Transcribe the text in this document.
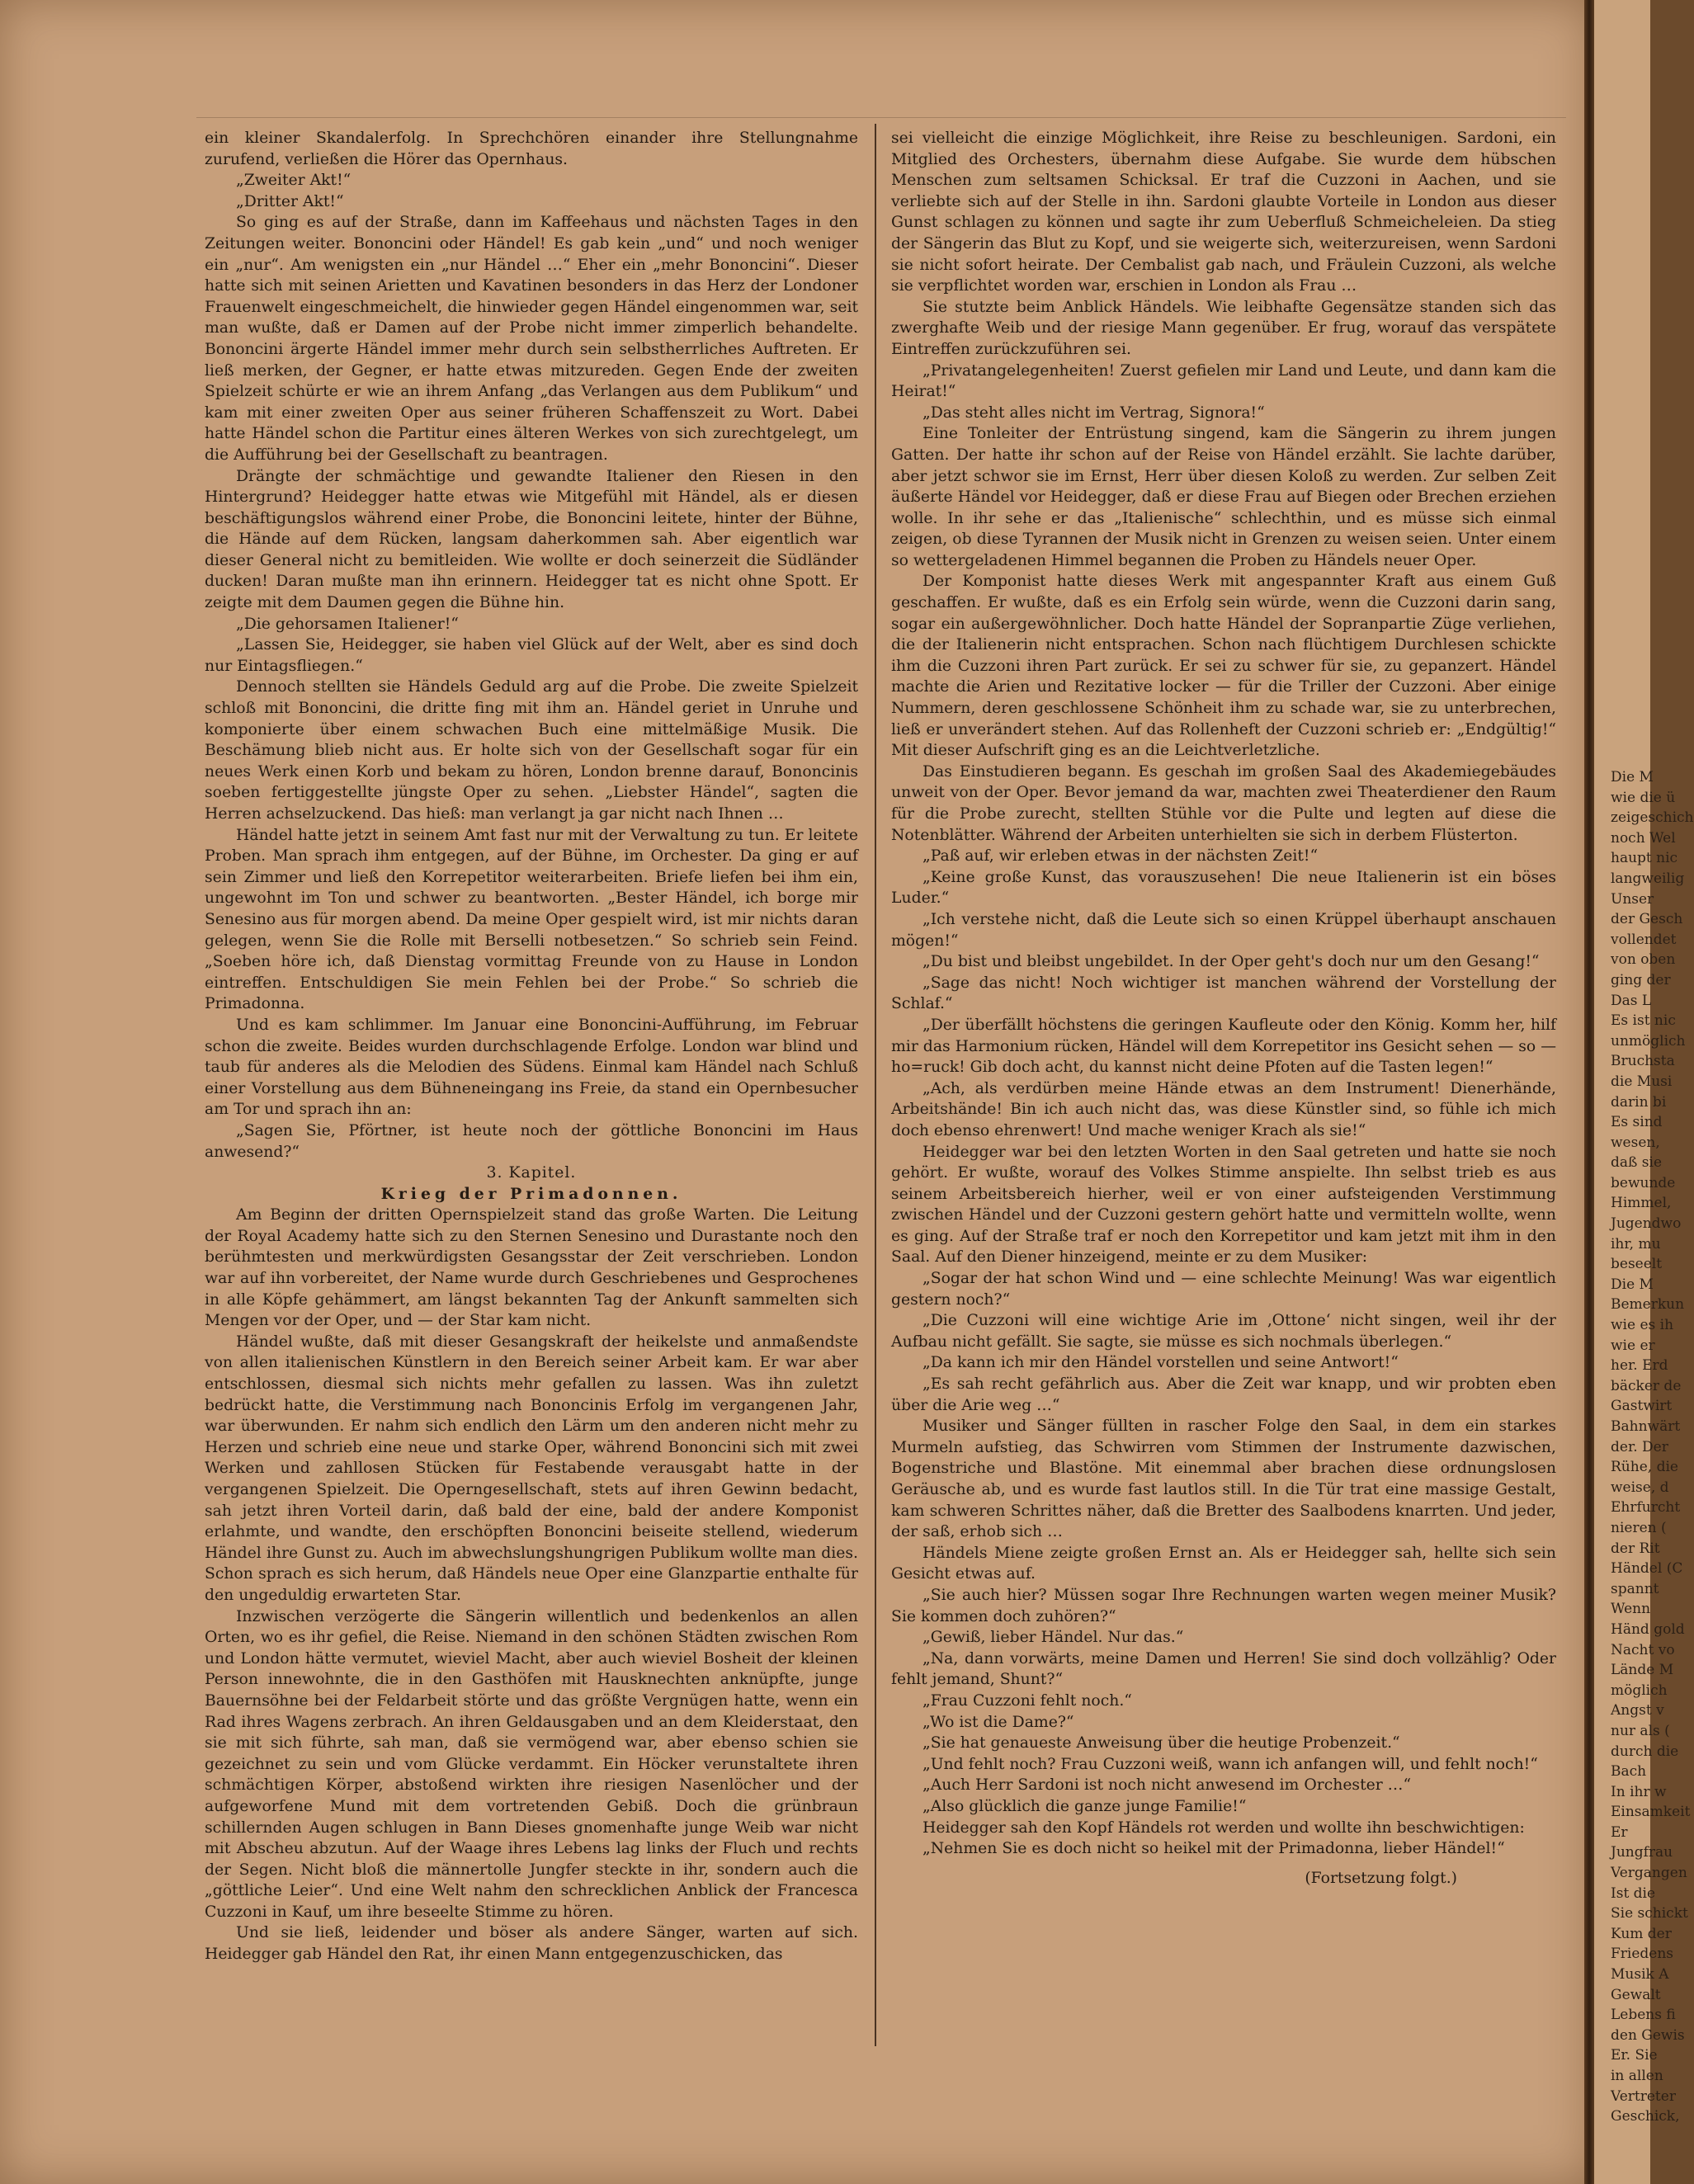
ein kleiner Skandalerfolg. In Sprechchören einander ihre Stellungnahme zurufend, verließen die Hörer das Opernhaus.

„Zweiter Akt!“

„Dritter Akt!“

So ging es auf der Straße, dann im Kaffeehaus und nächsten Tages in den Zeitungen weiter. Bononcini oder Händel! Es gab kein „und“ und noch weniger ein „nur“. Am wenigsten ein „nur Händel …“ Eher ein „mehr Bononcini“. Dieser hatte sich mit seinen Arietten und Kavatinen besonders in das Herz der Londoner Frauenwelt eingeschmeichelt, die hinwieder gegen Händel eingenommen war, seit man wußte, daß er Damen auf der Probe nicht immer zimperlich behandelte. Bononcini ärgerte Händel immer mehr durch sein selbstherrliches Auftreten. Er ließ merken, der Gegner, er hatte etwas mitzureden. Gegen Ende der zweiten Spielzeit schürte er wie an ihrem Anfang „das Verlangen aus dem Publikum“ und kam mit einer zweiten Oper aus seiner früheren Schaffenszeit zu Wort. Dabei hatte Händel schon die Partitur eines älteren Werkes von sich zurechtgelegt, um die Aufführung bei der Gesellschaft zu beantragen.

Drängte der schmächtige und gewandte Italiener den Riesen in den Hintergrund? Heidegger hatte etwas wie Mitgefühl mit Händel, als er diesen beschäftigungslos während einer Probe, die Bononcini leitete, hinter der Bühne, die Hände auf dem Rücken, langsam daherkommen sah. Aber eigentlich war dieser General nicht zu bemitleiden. Wie wollte er doch seinerzeit die Südländer ducken! Daran mußte man ihn erinnern. Heidegger tat es nicht ohne Spott. Er zeigte mit dem Daumen gegen die Bühne hin.

„Die gehorsamen Italiener!“

„Lassen Sie, Heidegger, sie haben viel Glück auf der Welt, aber es sind doch nur Eintagsfliegen.“

Dennoch stellten sie Händels Geduld arg auf die Probe. Die zweite Spielzeit schloß mit Bononcini, die dritte fing mit ihm an. Händel geriet in Unruhe und komponierte über einem schwachen Buch eine mittelmäßige Musik. Die Beschämung blieb nicht aus. Er holte sich von der Gesellschaft sogar für ein neues Werk einen Korb und bekam zu hören, London brenne darauf, Bononcinis soeben fertiggestellte jüngste Oper zu sehen. „Liebster Händel“, sagten die Herren achselzuckend. Das hieß: man verlangt ja gar nicht nach Ihnen …

Händel hatte jetzt in seinem Amt fast nur mit der Verwaltung zu tun. Er leitete Proben. Man sprach ihm entgegen, auf der Bühne, im Orchester. Da ging er auf sein Zimmer und ließ den Korrepetitor weiterarbeiten. Briefe liefen bei ihm ein, ungewohnt im Ton und schwer zu beantworten. „Bester Händel, ich borge mir Senesino aus für morgen abend. Da meine Oper gespielt wird, ist mir nichts daran gelegen, wenn Sie die Rolle mit Berselli notbesetzen.“ So schrieb sein Feind. „Soeben höre ich, daß Dienstag vormittag Freunde von zu Hause in London eintreffen. Entschuldigen Sie mein Fehlen bei der Probe.“ So schrieb die Primadonna.

Und es kam schlimmer. Im Januar eine Bononcini-Aufführung, im Februar schon die zweite. Beides wurden durchschlagende Erfolge. London war blind und taub für anderes als die Melodien des Südens. Einmal kam Händel nach Schluß einer Vorstellung aus dem Bühneneingang ins Freie, da stand ein Opernbesucher am Tor und sprach ihn an:

„Sagen Sie, Pförtner, ist heute noch der göttliche Bononcini im Haus anwesend?“

3. Kapitel.

Krieg der Primadonnen.

Am Beginn der dritten Opernspielzeit stand das große Warten. Die Leitung der Royal Academy hatte sich zu den Sternen Senesino und Durastante noch den berühmtesten und merkwürdigsten Gesangsstar der Zeit verschrieben. London war auf ihn vorbereitet, der Name wurde durch Geschriebenes und Gesprochenes in alle Köpfe gehämmert, am längst bekannten Tag der Ankunft sammelten sich Mengen vor der Oper, und — der Star kam nicht.

Händel wußte, daß mit dieser Gesangskraft der heikelste und anmaßendste von allen italienischen Künstlern in den Bereich seiner Arbeit kam. Er war aber entschlossen, diesmal sich nichts mehr gefallen zu lassen. Was ihn zuletzt bedrückt hatte, die Verstimmung nach Bononcinis Erfolg im vergangenen Jahr, war überwunden. Er nahm sich endlich den Lärm um den anderen nicht mehr zu Herzen und schrieb eine neue und starke Oper, während Bononcini sich mit zwei Werken und zahllosen Stücken für Festabende verausgabt hatte in der vergangenen Spielzeit. Die Operngesellschaft, stets auf ihren Gewinn bedacht, sah jetzt ihren Vorteil darin, daß bald der eine, bald der andere Komponist erlahmte, und wandte, den erschöpften Bononcini beiseite stellend, wiederum Händel ihre Gunst zu. Auch im abwechslungshungrigen Publikum wollte man dies. Schon sprach es sich herum, daß Händels neue Oper eine Glanzpartie enthalte für den ungeduldig erwarteten Star.

Inzwischen verzögerte die Sängerin willentlich und bedenkenlos an allen Orten, wo es ihr gefiel, die Reise. Niemand in den schönen Städten zwischen Rom und London hätte vermutet, wieviel Macht, aber auch wieviel Bosheit der kleinen Person innewohnte, die in den Gasthöfen mit Hausknechten anknüpfte, junge Bauernsöhne bei der Feldarbeit störte und das größte Vergnügen hatte, wenn ein Rad ihres Wagens zerbrach. An ihren Geldausgaben und an dem Kleiderstaat, den sie mit sich führte, sah man, daß sie vermögend war, aber ebenso schien sie gezeichnet zu sein und vom Glücke verdammt. Ein Höcker verunstaltete ihren schmächtigen Körper, abstoßend wirkten ihre riesigen Nasenlöcher und der aufgeworfene Mund mit dem vortretenden Gebiß. Doch die grünbraun schillernden Augen schlugen in Bann Dieses gnomenhafte junge Weib war nicht mit Abscheu abzutun. Auf der Waage ihres Lebens lag links der Fluch und rechts der Segen. Nicht bloß die männertolle Jungfer steckte in ihr, sondern auch die „göttliche Leier“. Und eine Welt nahm den schrecklichen Anblick der Francesca Cuzzoni in Kauf, um ihre beseelte Stimme zu hören.

Und sie ließ, leidender und böser als andere Sänger, warten auf sich. Heidegger gab Händel den Rat, ihr einen Mann entgegenzuschicken, das

sei vielleicht die einzige Möglichkeit, ihre Reise zu beschleunigen. Sardoni, ein Mitglied des Orchesters, übernahm diese Aufgabe. Sie wurde dem hübschen Menschen zum seltsamen Schicksal. Er traf die Cuzzoni in Aachen, und sie verliebte sich auf der Stelle in ihn. Sardoni glaubte Vorteile in London aus dieser Gunst schlagen zu können und sagte ihr zum Ueberfluß Schmeicheleien. Da stieg der Sängerin das Blut zu Kopf, und sie weigerte sich, weiterzureisen, wenn Sardoni sie nicht sofort heirate. Der Cembalist gab nach, und Fräulein Cuzzoni, als welche sie verpflichtet worden war, erschien in London als Frau …

Sie stutzte beim Anblick Händels. Wie leibhafte Gegensätze standen sich das zwerghafte Weib und der riesige Mann gegenüber. Er frug, worauf das verspätete Eintreffen zurückzuführen sei.

„Privatangelegenheiten! Zuerst gefielen mir Land und Leute, und dann kam die Heirat!“

„Das steht alles nicht im Vertrag, Signora!“

Eine Tonleiter der Entrüstung singend, kam die Sängerin zu ihrem jungen Gatten. Der hatte ihr schon auf der Reise von Händel erzählt. Sie lachte darüber, aber jetzt schwor sie im Ernst, Herr über diesen Koloß zu werden. Zur selben Zeit äußerte Händel vor Heidegger, daß er diese Frau auf Biegen oder Brechen erziehen wolle. In ihr sehe er das „Italienische“ schlechthin, und es müsse sich einmal zeigen, ob diese Tyrannen der Musik nicht in Grenzen zu weisen seien. Unter einem so wettergeladenen Himmel begannen die Proben zu Händels neuer Oper.

Der Komponist hatte dieses Werk mit angespannter Kraft aus einem Guß geschaffen. Er wußte, daß es ein Erfolg sein würde, wenn die Cuzzoni darin sang, sogar ein außergewöhnlicher. Doch hatte Händel der Sopranpartie Züge verliehen, die der Italienerin nicht entsprachen. Schon nach flüchtigem Durchlesen schickte ihm die Cuzzoni ihren Part zurück. Er sei zu schwer für sie, zu gepanzert. Händel machte die Arien und Rezitative locker — für die Triller der Cuzzoni. Aber einige Nummern, deren geschlossene Schönheit ihm zu schade war, sie zu unterbrechen, ließ er unverändert stehen. Auf das Rollenheft der Cuzzoni schrieb er: „Endgültig!“ Mit dieser Aufschrift ging es an die Leichtverletzliche.

Das Einstudieren begann. Es geschah im großen Saal des Akademiegebäudes unweit von der Oper. Bevor jemand da war, machten zwei Theaterdiener den Raum für die Probe zurecht, stellten Stühle vor die Pulte und legten auf diese die Notenblätter. Während der Arbeiten unterhielten sie sich in derbem Flüsterton.

„Paß auf, wir erleben etwas in der nächsten Zeit!“

„Keine große Kunst, das vorauszusehen! Die neue Italienerin ist ein böses Luder.“

„Ich verstehe nicht, daß die Leute sich so einen Krüppel überhaupt anschauen mögen!“

„Du bist und bleibst ungebildet. In der Oper geht's doch nur um den Gesang!“

„Sage das nicht! Noch wichtiger ist manchen während der Vorstellung der Schlaf.“

„Der überfällt höchstens die geringen Kaufleute oder den König. Komm her, hilf mir das Harmonium rücken, Händel will dem Korrepetitor ins Gesicht sehen — so — ho=ruck! Gib doch acht, du kannst nicht deine Pfoten auf die Tasten legen!“

„Ach, als verdürben meine Hände etwas an dem Instrument! Dienerhände, Arbeitshände! Bin ich auch nicht das, was diese Künstler sind, so fühle ich mich doch ebenso ehrenwert! Und mache weniger Krach als sie!“

Heidegger war bei den letzten Worten in den Saal getreten und hatte sie noch gehört. Er wußte, worauf des Volkes Stimme anspielte. Ihn selbst trieb es aus seinem Arbeitsbereich hierher, weil er von einer aufsteigenden Verstimmung zwischen Händel und der Cuzzoni gestern gehört hatte und vermitteln wollte, wenn es ging. Auf der Straße traf er noch den Korrepetitor und kam jetzt mit ihm in den Saal. Auf den Diener hinzeigend, meinte er zu dem Musiker:

„Sogar der hat schon Wind und — eine schlechte Meinung! Was war eigentlich gestern noch?“

„Die Cuzzoni will eine wichtige Arie im ‚Ottone‘ nicht singen, weil ihr der Aufbau nicht gefällt. Sie sagte, sie müsse es sich nochmals überlegen.“

„Da kann ich mir den Händel vorstellen und seine Antwort!“

„Es sah recht gefährlich aus. Aber die Zeit war knapp, und wir probten eben über die Arie weg …“

Musiker und Sänger füllten in rascher Folge den Saal, in dem ein starkes Murmeln aufstieg, das Schwirren vom Stimmen der Instrumente dazwischen, Bogenstriche und Blastöne. Mit einemmal aber brachen diese ordnungslosen Geräusche ab, und es wurde fast lautlos still. In die Tür trat eine massige Gestalt, kam schweren Schrittes näher, daß die Bretter des Saalbodens knarrten. Und jeder, der saß, erhob sich …

Händels Miene zeigte großen Ernst an. Als er Heidegger sah, hellte sich sein Gesicht etwas auf.

„Sie auch hier? Müssen sogar Ihre Rechnungen warten wegen meiner Musik? Sie kommen doch zuhören?“

„Gewiß, lieber Händel. Nur das.“

„Na, dann vorwärts, meine Damen und Herren! Sie sind doch vollzählig? Oder fehlt jemand, Shunt?“

„Frau Cuzzoni fehlt noch.“

„Wo ist die Dame?“

„Sie hat genaueste Anweisung über die heutige Probenzeit.“

„Und fehlt noch? Frau Cuzzoni weiß, wann ich anfangen will, und fehlt noch!“

„Auch Herr Sardoni ist noch nicht anwesend im Orchester …“

„Also glücklich die ganze junge Familie!“

Heidegger sah den Kopf Händels rot werden und wollte ihn beschwichtigen:

„Nehmen Sie es doch nicht so heikel mit der Primadonna, lieber Händel!“

(Fortsetzung folgt.)

Die M
wie die ü
zeigeschich
noch Wel
haupt nic
langweilig
Unser
der Gesch
vollendet
von oben
ging der
Das L
Es ist nic
unmöglich
Bruchsta
die Musi
darin bi
Es sind
wesen,
daß sie
bewunde
Himmel,
Jugendwo
ihr, mu
beseelt
Die M
Bemerkun
wie es ih
wie er
her. Erd
bäcker de
Gastwirt
Bahnwärt
der. Der
Rühe, die
weise, d
Ehrfurcht
nieren (
der Rit
Händel (C
spannt
Wenn
Händ gold
Nacht vo
Lände M
möglich
Angst v
nur als (
durch die
Bach
In ihr w
Einsamkeit
Er
Jungfrau
Vergangen
Ist die
Sie schickt
Kum der
Friedens
Musik A
Gewalt
Lebens fi
den Gewis
Er. Sie
in allen
Vertreter
Geschick,
